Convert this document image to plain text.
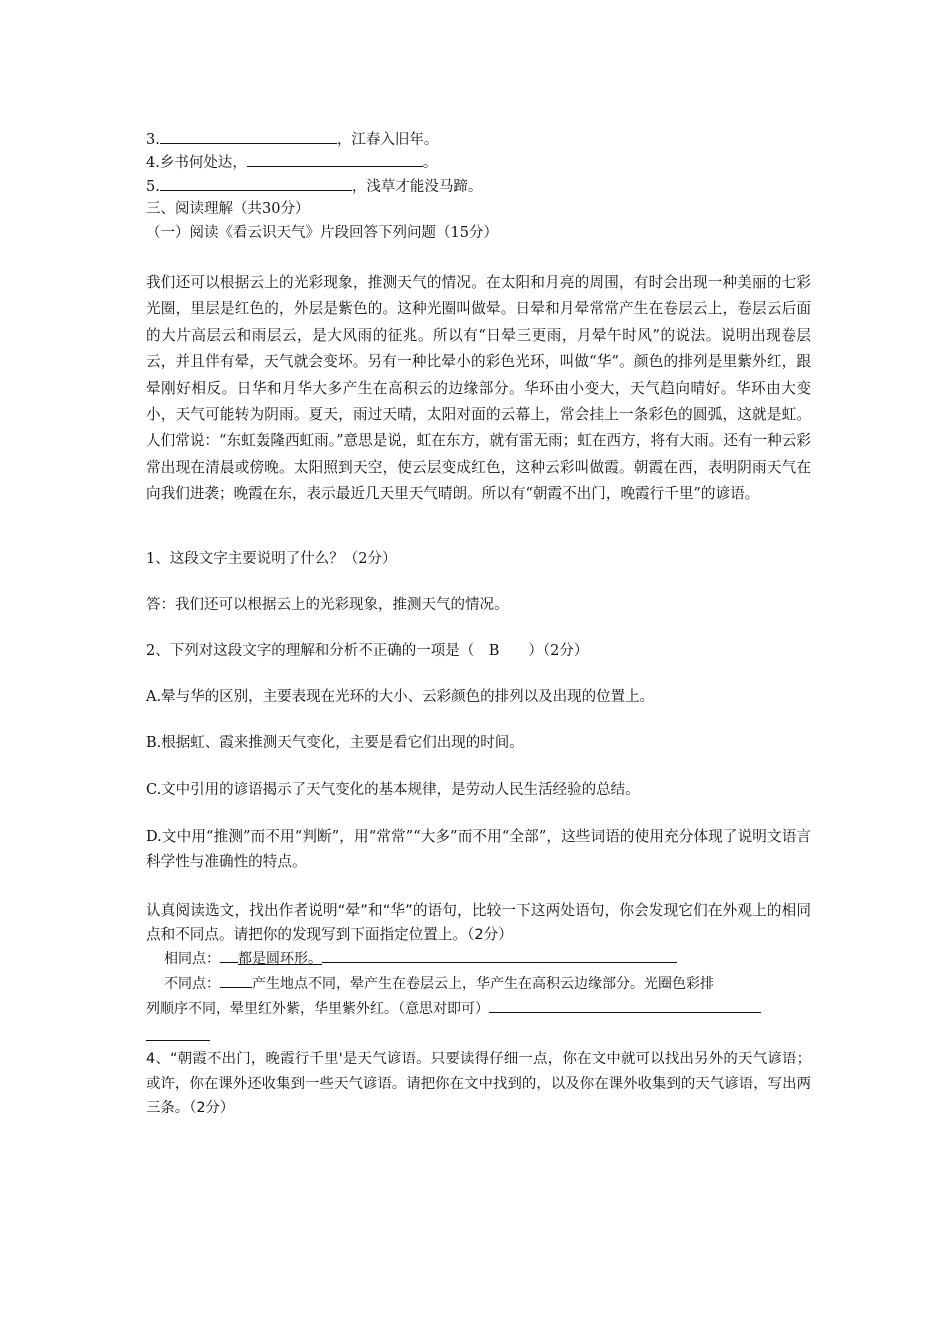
3.	，江春入旧年。
4.乡书何处达，	。
5.	，浅草才能没马蹄。
三、阅读理解（共30分）
（一）阅读《看云识天气》片段回答下列问题（15分）

我们还可以根据云上的光彩现象，推测天气的情况。在太阳和月亮的周围，有时会出现一种美丽的七彩光圈，里层是红色的，外层是紫色的。这种光圈叫做晕。日晕和月晕常常产生在卷层云上，卷层云后面的大片高层云和雨层云，是大风雨的征兆。所以有“日晕三更雨，月晕午时风”的说法。说明出现卷层云，并且伴有晕，天气就会变坏。另有一种比晕小的彩色光环，叫做“华”。颜色的排列是里紫外红，跟晕刚好相反。日华和月华大多产生在高积云的边缘部分。华环由小变大，天气趋向晴好。华环由大变小，天气可能转为阴雨。夏天，雨过天晴，太阳对面的云幕上，常会挂上一条彩色的圆弧，这就是虹。人们常说：“东虹轰隆西虹雨。”意思是说，虹在东方，就有雷无雨；虹在西方，将有大雨。还有一种云彩常出现在清晨或傍晚。太阳照到天空，使云层变成红色，这种云彩叫做霞。朝霞在西，表明阴雨天气在向我们进袭；晚霞在东，表示最近几天里天气晴朗。所以有“朝霞不出门，晚霞行千里”的谚语。

1、这段文字主要说明了什么？（2分）
答：我们还可以根据云上的光彩现象，推测天气的情况。
2、下列对这段文字的理解和分析不正确的一项是（　B　　）（2分）
A.晕与华的区别，主要表现在光环的大小、云彩颜色的排列以及出现的位置上。
B.根据虹、霞来推测天气变化，主要是看它们出现的时间。
C.文中引用的谚语揭示了天气变化的基本规律，是劳动人民生活经验的总结。

D.文中用“推测”而不用“判断”，用“常常”“大多”而不用“全部”，这些词语的使用充分体现了说明文语言科学性与准确性的特点。

认真阅读选文，找出作者说明“晕”和“华”的语句，比较一下这两处语句，你会发现它们在外观上的相同点和不同点。请把你的发现写到下面指定位置上。（2分）

相同点： 都是圆环形。
不同点： 产生地点不同，晕产生在卷层云上，华产生在高积云边缘部分。光圈色彩排
列顺序不同，晕里红外紫，华里紫外红。（意思对即可）

4、“朝霞不出门，晚霞行千里'是天气谚语。只要读得仔细一点，你在文中就可以找出另外的天气谚语；或许，你在课外还收集到一些天气谚语。请把你在文中找到的，以及你在课外收集到的天气谚语，写出两三条。（2分）
